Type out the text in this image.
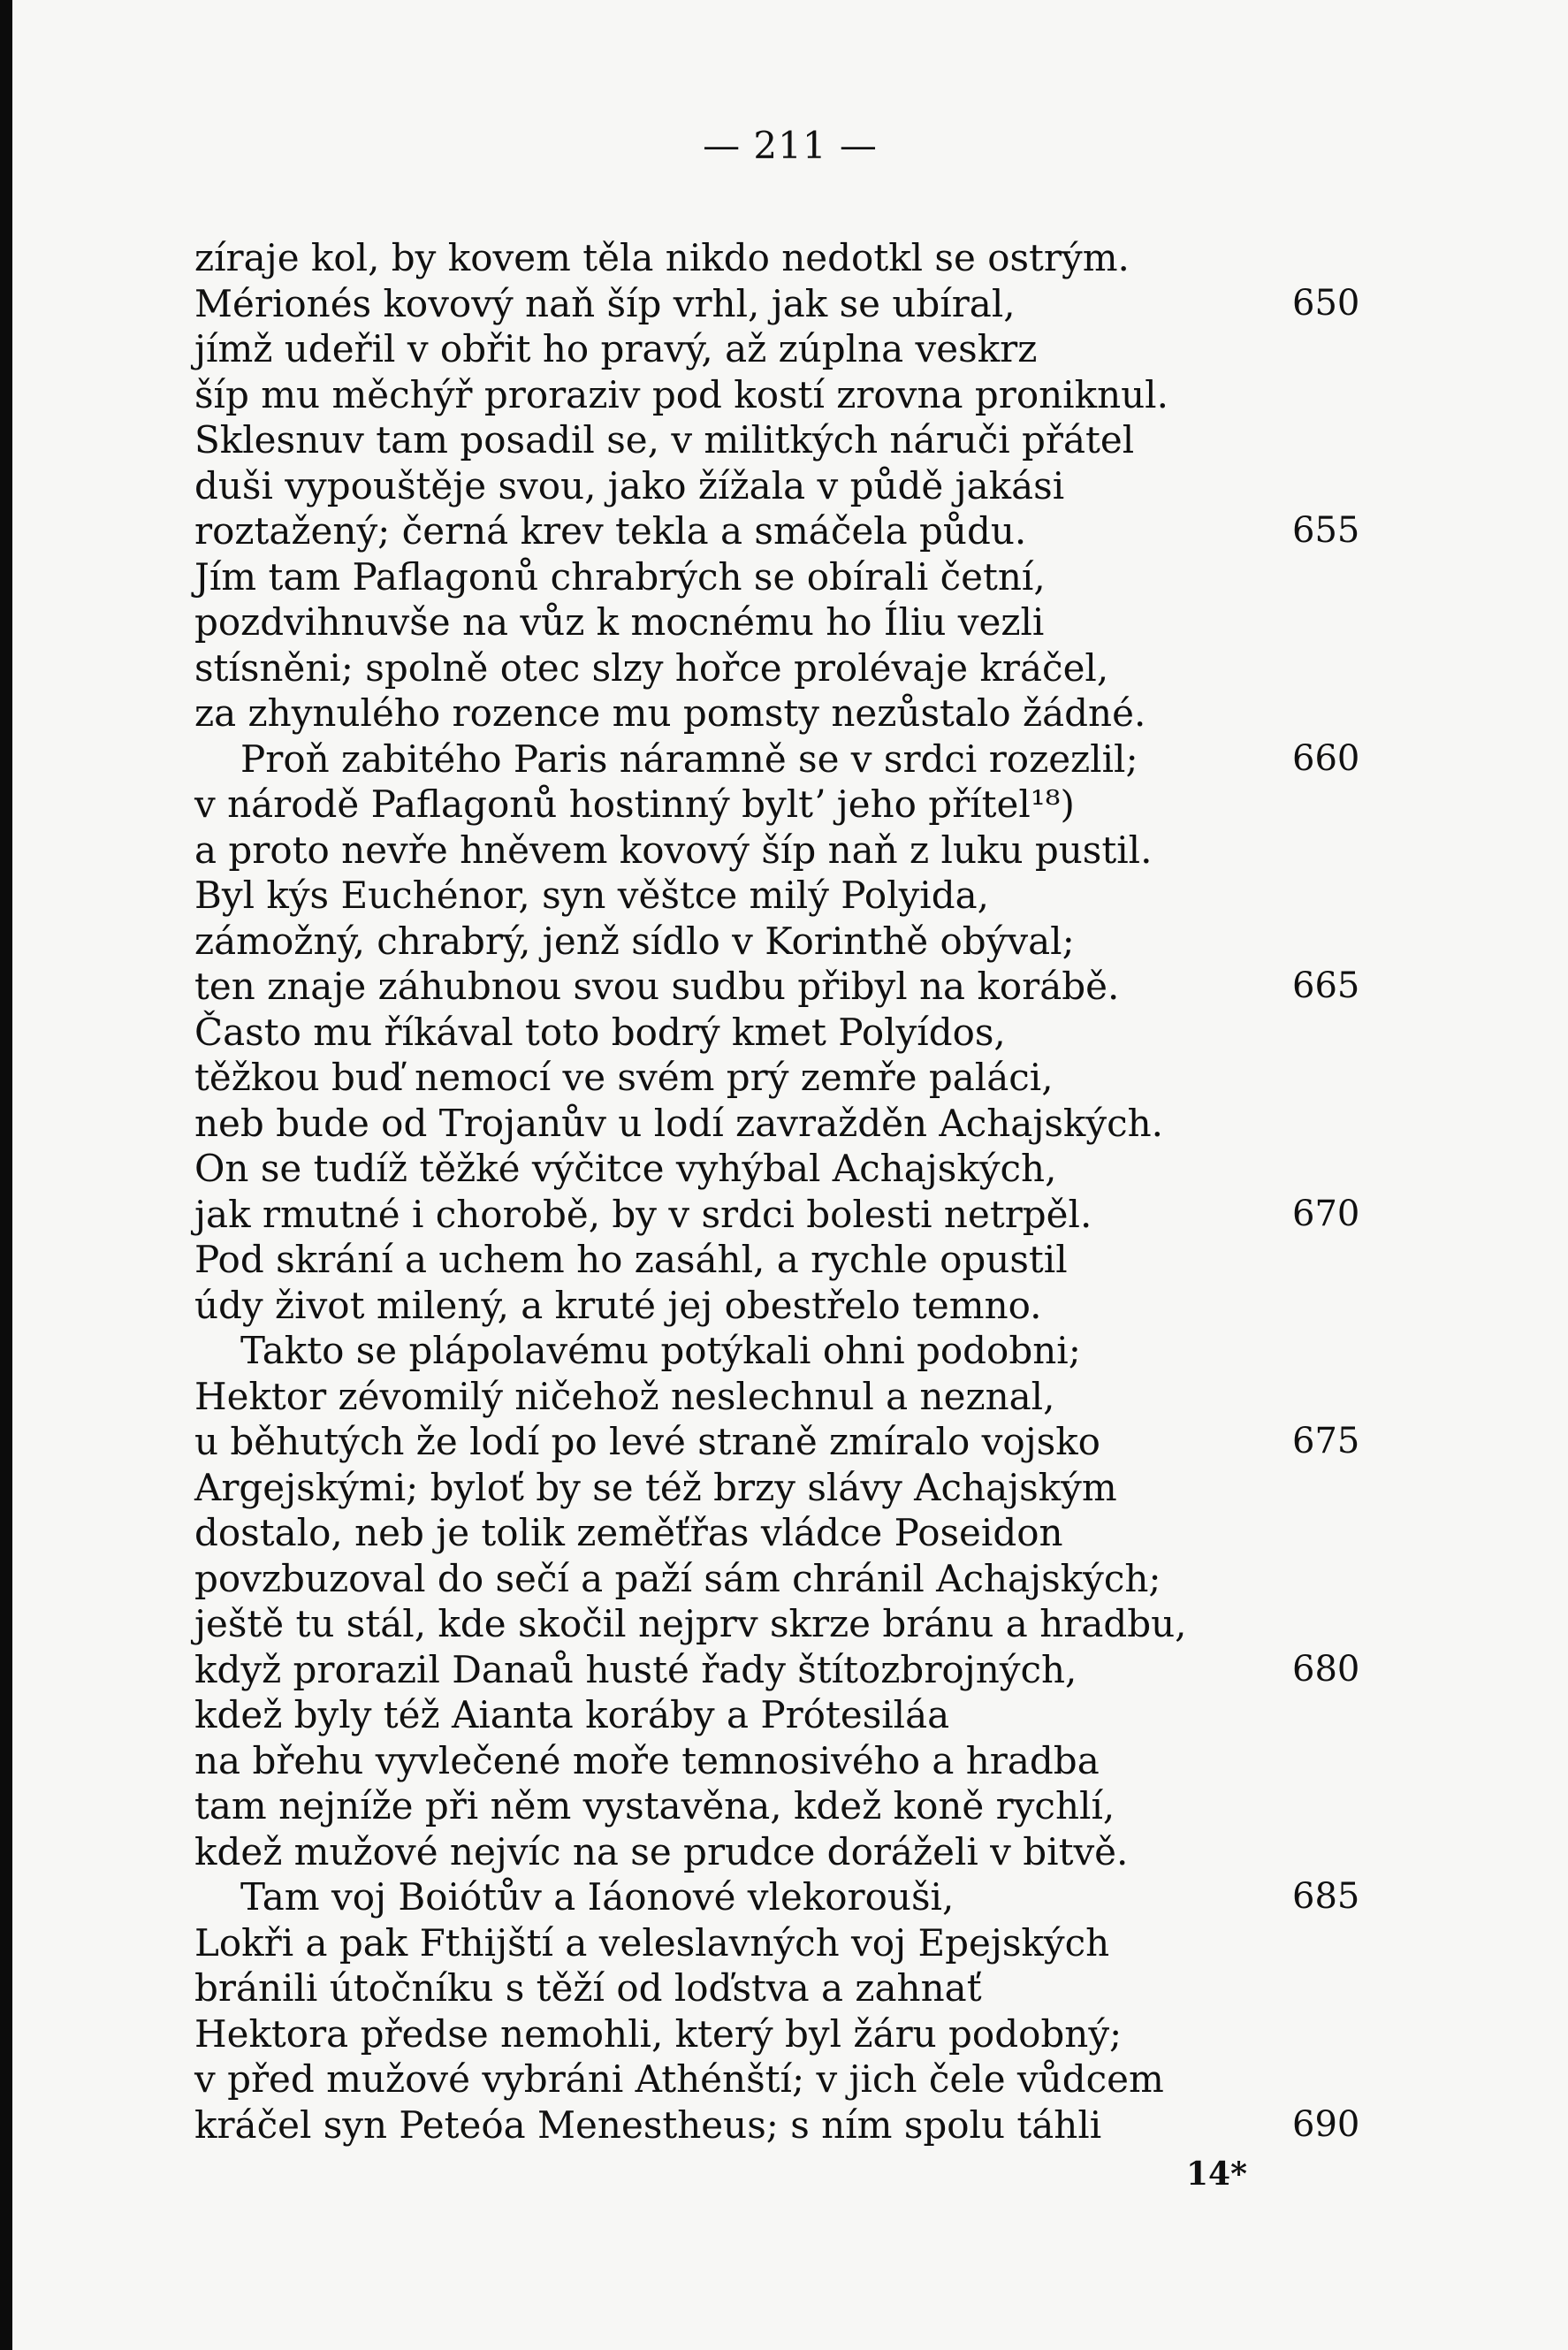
— 211 —
zíraje kol, by kovem těla nikdo nedotkl se ostrým.
Mérionés kovový naň šíp vrhl, jak se ubíral,	650
jímž udeřil v obřit ho pravý, až zúplna veskrz
šíp mu měchýř proraziv pod kostí zrovna proniknul.
Sklesnuv tam posadil se, v militkých náruči přátel
duši vypouštěje svou, jako žížala v půdě jakási
roztažený; černá krev tekla a smáčela půdu.	655
Jím tam Paflagonů chrabrých se obírali četní,
pozdvihnuvše na vůz k mocnému ho Íliu vezli
stísněni; spolně otec slzy hořce prolévaje kráčel,
za zhynulého rozence mu pomsty nezůstalo žádné.
Proň zabitého Paris náramně se v srdci rozezlil;	660
v národě Paflagonů hostinný byltʼ jeho přítel¹⁸)
a proto nevře hněvem kovový šíp naň z luku pustil.
Byl kýs Euchénor, syn věštce milý Polyida,
zámožný, chrabrý, jenž sídlo v Korinthě obýval;
ten znaje záhubnou svou sudbu přibyl na korábě.	665
Často mu říkával toto bodrý kmet Polyídos,
těžkou buď nemocí ve svém prý zemře paláci,
neb bude od Trojanův u lodí zavražděn Achajských.
On se tudíž těžké výčitce vyhýbal Achajských,
jak rmutné i chorobě, by v srdci bolesti netrpěl.	670
Pod skrání a uchem ho zasáhl, a rychle opustil
údy život milený, a kruté jej obestřelo temno.
Takto se plápolavému potýkali ohni podobni;
Hektor zévomilý ničehož neslechnul a neznal,
u běhutých že lodí po levé straně zmíralo vojsko	675
Argejskými; byloť by se též brzy slávy Achajským
dostalo, neb je tolik zeměťřas vládce Poseidon
povzbuzoval do sečí a paží sám chránil Achajských;
ještě tu stál, kde skočil nejprv skrze bránu a hradbu,
když prorazil Danaů husté řady štítozbrojných,	680
kdež byly též Aianta koráby a Prótesiláa
na břehu vyvlečené moře temnosivého a hradba
tam nejníže při něm vystavěna, kdež koně rychlí,
kdež mužové nejvíc na se prudce doráželi v bitvě.
Tam voj Boiótův a Iáonové vlekorouši,	685
Lokři a pak Fthijští a veleslavných voj Epejských
bránili útočníku s těží od loďstva a zahnať
Hektora předse nemohli, který byl žáru podobný;
v před mužové vybráni Athénští; v jich čele vůdcem
kráčel syn Peteóa Menestheus; s ním spolu táhli	690
14*
